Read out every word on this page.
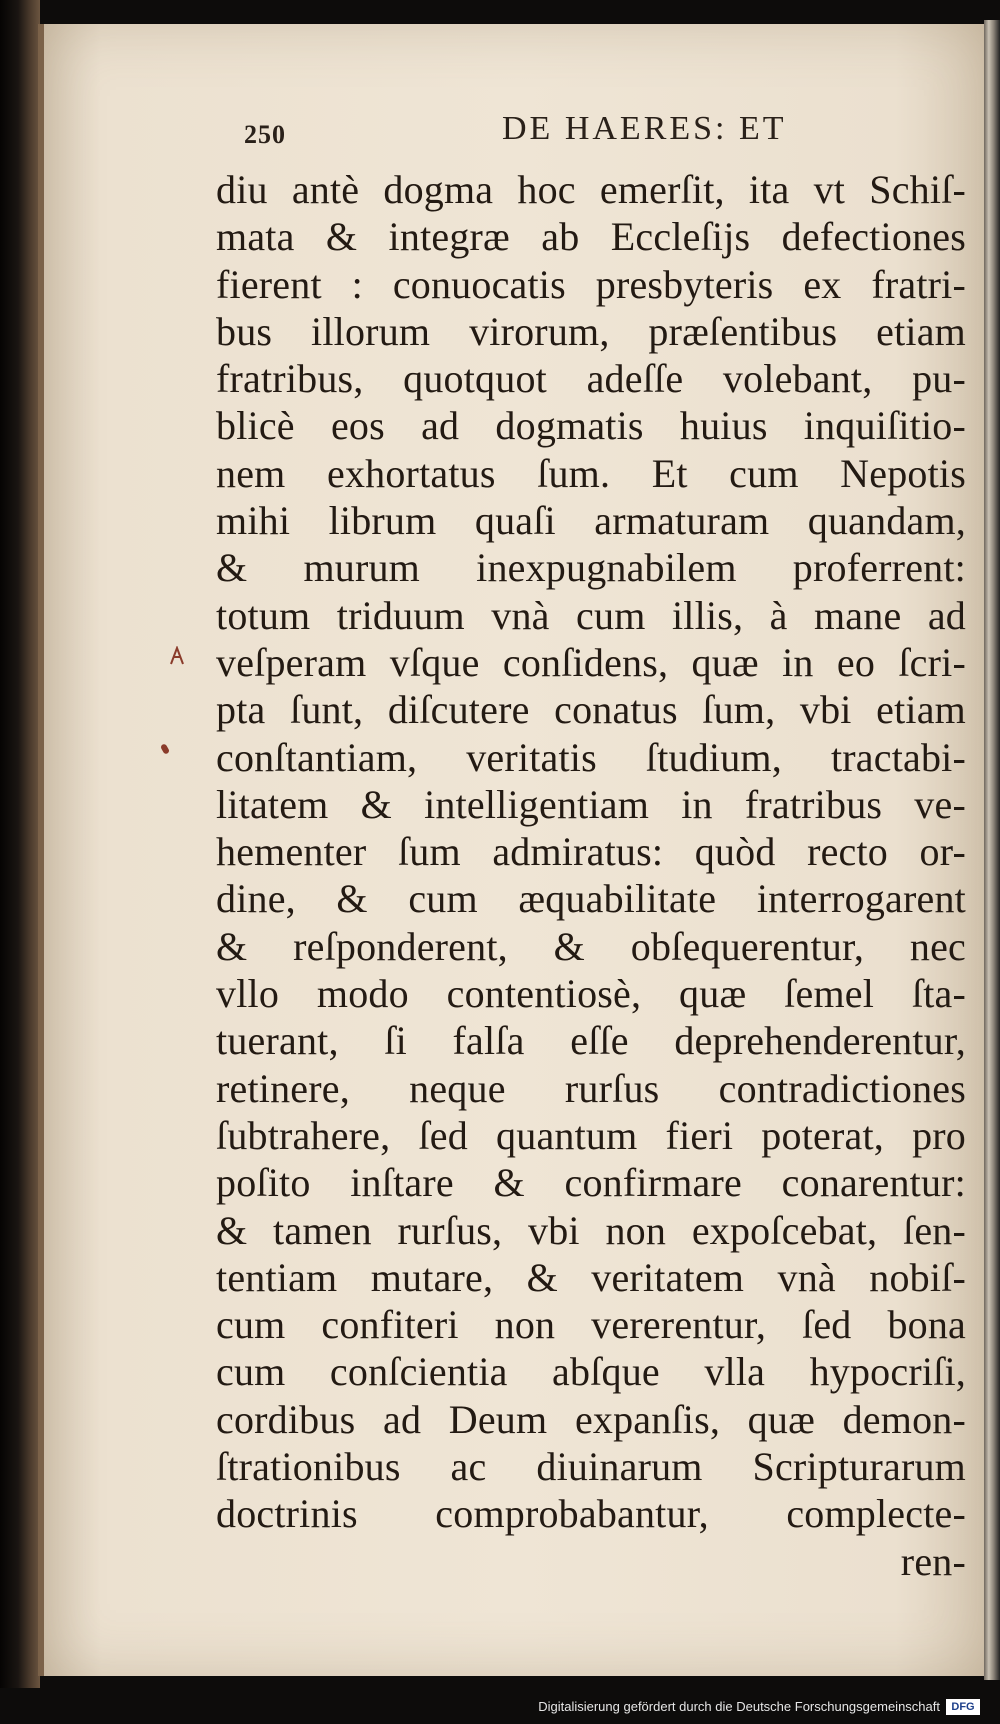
250	DE HAERES: ET
diu antè dogma hoc emerſit, ita vt Schiſ-
mata & integræ ab Eccleſijs defectiones
fierent : conuocatis presbyteris ex fratri-
bus illorum virorum, præſentibus etiam
fratribus, quotquot adeſſe volebant, pu-
blicè eos ad dogmatis huius inquiſitio-
nem exhortatus ſum. Et cum Nepotis
mihi librum quaſi armaturam quandam,
& murum inexpugnabilem proferrent:
totum triduum vnà cum illis, à mane ad
veſperam vſque conſidens, quæ in eo ſcri-
pta ſunt, diſcutere conatus ſum, vbi etiam
conſtantiam, veritatis ſtudium, tractabi-
litatem & intelligentiam in fratribus ve-
hementer ſum admiratus: quòd recto or-
dine, & cum æquabilitate interrogarent
& reſponderent, & obſequerentur, nec
vllo modo contentiosè, quæ ſemel ſta-
tuerant, ſi falſa eſſe deprehenderentur,
retinere, neque rurſus contradictiones
ſubtrahere, ſed quantum fieri poterat, pro
poſito inſtare & confirmare conarentur:
& tamen rurſus, vbi non expoſcebat, ſen-
tentiam mutare, & veritatem vnà nobiſ-
cum confiteri non vererentur, ſed bona
cum conſcientia abſque vlla hypocriſi,
cordibus ad Deum expanſis, quæ demon-
ſtrationibus ac diuinarum Scripturarum
doctrinis comprobabantur, complecte-
ren-
Digitalisierung gefördert durch die Deutsche Forschungsgemeinschaft	DFG
